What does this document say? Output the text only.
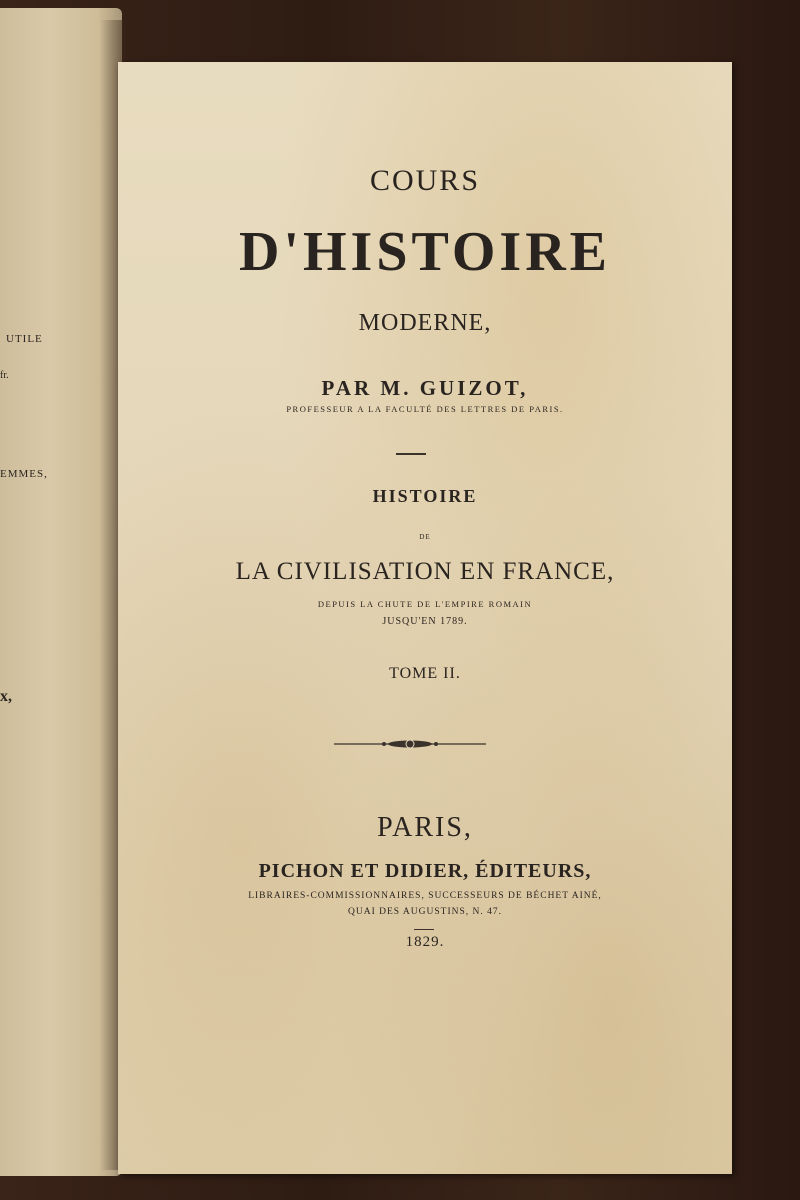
UTILE
fr.
EMMES,
x,
COURS
D'HISTOIRE
MODERNE,
PAR M. GUIZOT,
PROFESSEUR A LA FACULTÉ DES LETTRES DE PARIS.
HISTOIRE
DE
LA CIVILISATION EN FRANCE,
DEPUIS LA CHUTE DE L'EMPIRE ROMAIN
JUSQU'EN 1789.
TOME II.
PARIS,
PICHON ET DIDIER, ÉDITEURS,
LIBRAIRES-COMMISSIONNAIRES, SUCCESSEURS DE BÉCHET AINÉ,
QUAI DES AUGUSTINS, N. 47.
1829.
